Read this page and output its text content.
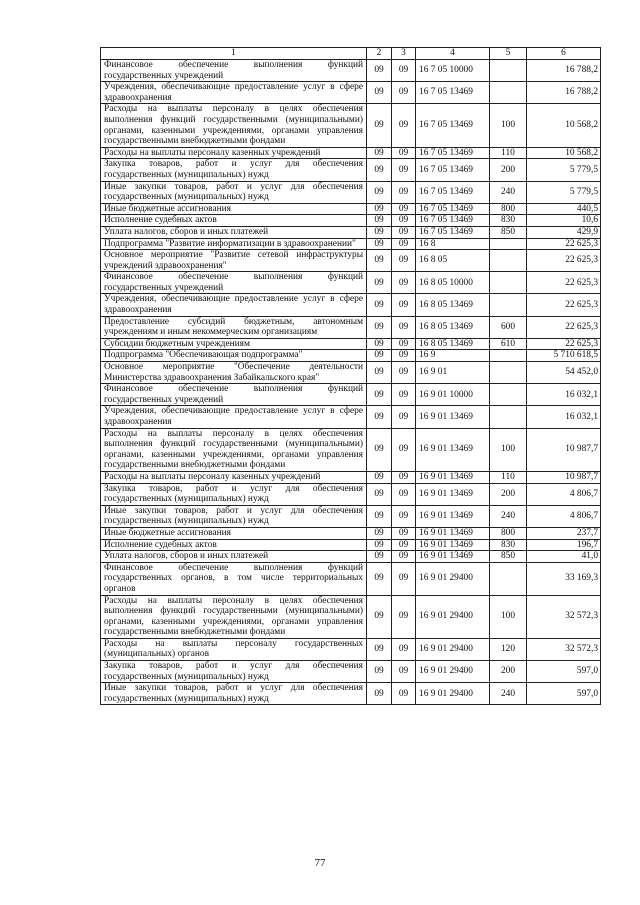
1	2	3	4	5	6
Финансовое обеспечение выполнения функций государственных учреждений	09	09	16 7 05 10000		16 788,2
Учреждения, обеспечивающие предоставление услуг в сфере здравоохранения	09	09	16 7 05 13469		16 788,2
Расходы на выплаты персоналу в целях обеспечения выполнения функций государственными (муниципальными) органами, казенными учреждениями, органами управления государственными внебюджетными фондами	09	09	16 7 05 13469	100	10 568,2
Расходы на выплаты персоналу казенных учреждений	09	09	16 7 05 13469	110	10 568,2
Закупка товаров, работ и услуг для обеспечения государственных (муниципальных) нужд	09	09	16 7 05 13469	200	5 779,5
Иные закупки товаров, работ и услуг для обеспечения государственных (муниципальных) нужд	09	09	16 7 05 13469	240	5 779,5
Иные бюджетные ассигнования	09	09	16 7 05 13469	800	440,5
Исполнение судебных актов	09	09	16 7 05 13469	830	10,6
Уплата налогов, сборов и иных платежей	09	09	16 7 05 13469	850	429,9
Подпрограмма "Развитие информатизации в здравоохранении"	09	09	16 8		22 625,3
Основное мероприятие "Развитие сетевой инфраструктуры учреждений здравоохранения"	09	09	16 8 05		22 625,3
Финансовое обеспечение выполнения функций государственных учреждений	09	09	16 8 05 10000		22 625,3
Учреждения, обеспечивающие предоставление услуг в сфере здравоохранения	09	09	16 8 05 13469		22 625,3
Предоставление субсидий бюджетным, автономным учреждениям и иным некоммерческим организациям	09	09	16 8 05 13469	600	22 625,3
Субсидии бюджетным учреждениям	09	09	16 8 05 13469	610	22 625,3
Подпрограмма "Обеспечивающая подпрограмма"	09	09	16 9		5 710 618,5
Основное мероприятие "Обеспечение деятельности Министерства здравоохранения Забайкальского края"	09	09	16 9 01		54 452,0
Финансовое обеспечение выполнения функций государственных учреждений	09	09	16 9 01 10000		16 032,1
Учреждения, обеспечивающие предоставление услуг в сфере здравоохранения	09	09	16 9 01 13469		16 032,1
Расходы на выплаты персоналу в целях обеспечения выполнения функций государственными (муниципальными) органами, казенными учреждениями, органами управления государственными внебюджетными фондами	09	09	16 9 01 13469	100	10 987,7
Расходы на выплаты персоналу казенных учреждений	09	09	16 9 01 13469	110	10 987,7
Закупка товаров, работ и услуг для обеспечения государственных (муниципальных) нужд	09	09	16 9 01 13469	200	4 806,7
Иные закупки товаров, работ и услуг для обеспечения государственных (муниципальных) нужд	09	09	16 9 01 13469	240	4 806,7
Иные бюджетные ассигнования	09	09	16 9 01 13469	800	237,7
Исполнение судебных актов	09	09	16 9 01 13469	830	196,7
Уплата налогов, сборов и иных платежей	09	09	16 9 01 13469	850	41,0
Финансовое обеспечение выполнения функций государственных органов, в том числе территориальных органов	09	09	16 9 01 29400		33 169,3
Расходы на выплаты персоналу в целях обеспечения выполнения функций государственными (муниципальными) органами, казенными учреждениями, органами управления государственными внебюджетными фондами	09	09	16 9 01 29400	100	32 572,3
Расходы на выплаты персоналу государственных (муниципальных) органов	09	09	16 9 01 29400	120	32 572,3
Закупка товаров, работ и услуг для обеспечения государственных (муниципальных) нужд	09	09	16 9 01 29400	200	597,0
Иные закупки товаров, работ и услуг для обеспечения государственных (муниципальных) нужд	09	09	16 9 01 29400	240	597,0
77
